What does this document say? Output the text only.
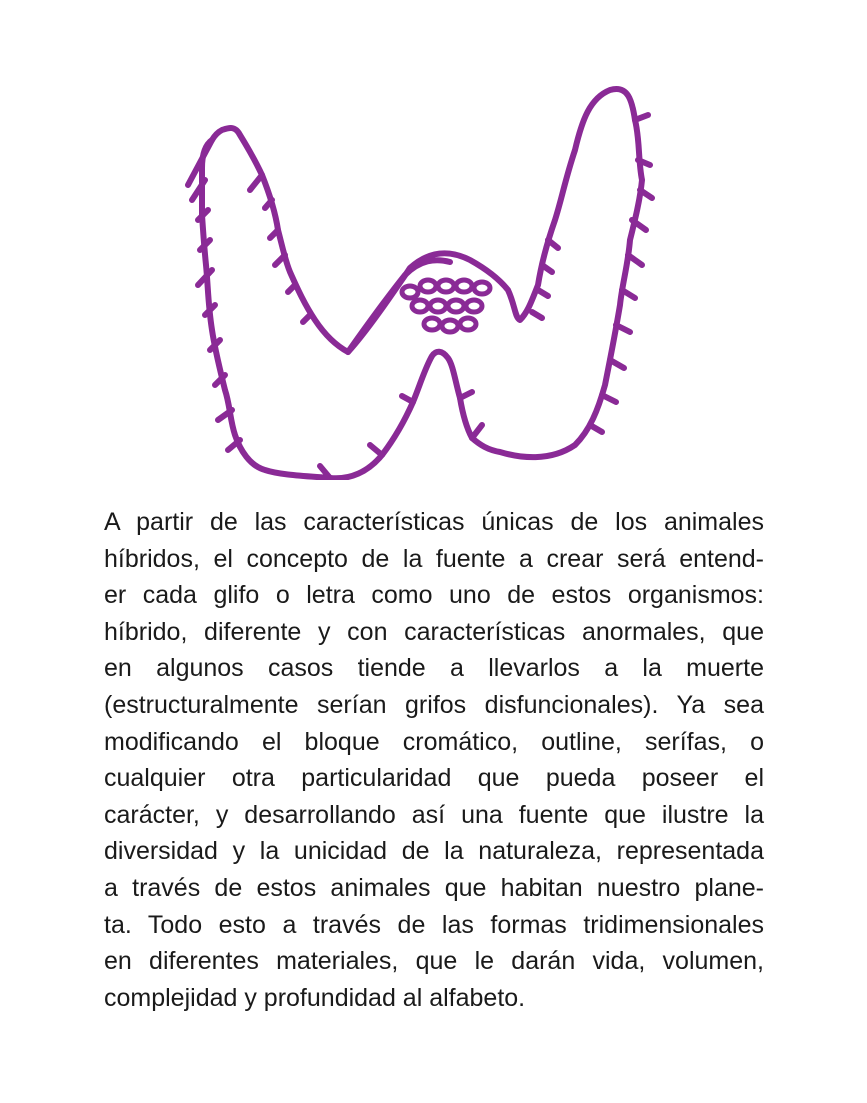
A partir de las características únicas de los animales
híbridos, el concepto de la fuente a crear será entend-
er cada glifo o letra como uno de estos organismos:
híbrido, diferente y con características anormales, que
en algunos casos tiende a llevarlos a la muerte
(estructuralmente serían grifos disfuncionales). Ya sea
modificando el bloque cromático, outline, serífas, o
cualquier otra particularidad que pueda poseer el
carácter, y desarrollando así una fuente que ilustre la
diversidad y la unicidad de la naturaleza, representada
a través de estos animales que habitan nuestro plane-
ta. Todo esto a través de las formas tridimensionales
en diferentes materiales, que le darán vida, volumen,
complejidad y profundidad al alfabeto.
